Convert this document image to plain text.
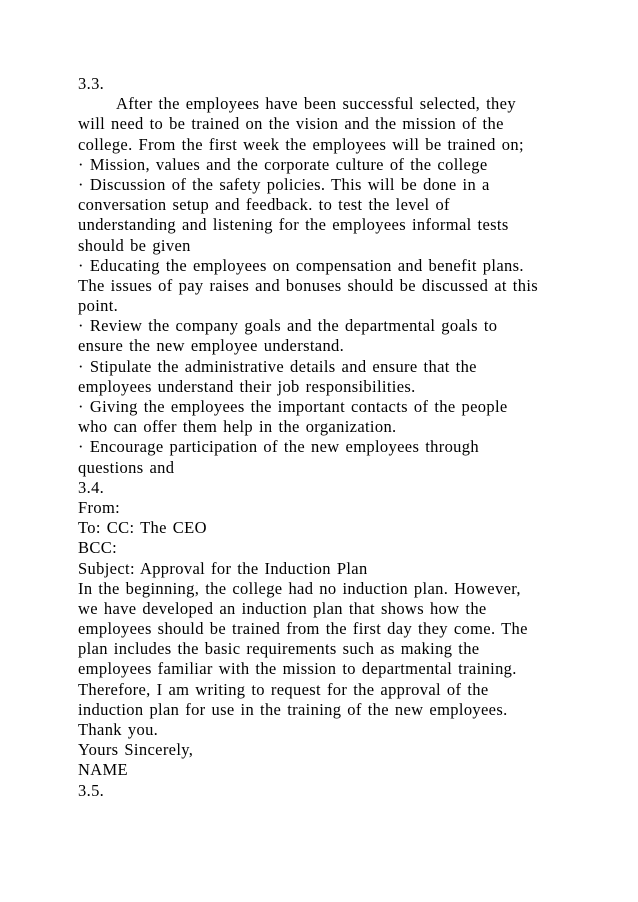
3.3.
After the employees have been successful selected, they
will need to be trained on the vision and the mission of the
college. From the first week the employees will be trained on;
· Mission, values and the corporate culture of the college
· Discussion of the safety policies. This will be done in a
conversation setup and feedback. to test the level of
understanding and listening for the employees informal tests
should be given
· Educating the employees on compensation and benefit plans.
The issues of pay raises and bonuses should be discussed at this
point.
· Review the company goals and the departmental goals to
ensure the new employee understand.
· Stipulate the administrative details and ensure that the
employees understand their job responsibilities.
· Giving the employees the important contacts of the people
who can offer them help in the organization.
· Encourage participation of the new employees through
questions and
3.4.
From:
To: CC: The CEO
BCC:
Subject: Approval for the Induction Plan
In the beginning, the college had no induction plan. However,
we have developed an induction plan that shows how the
employees should be trained from the first day they come. The
plan includes the basic requirements such as making the
employees familiar with the mission to departmental training.
Therefore, I am writing to request for the approval of the
induction plan for use in the training of the new employees.
Thank you.
Yours Sincerely,
NAME
3.5.
